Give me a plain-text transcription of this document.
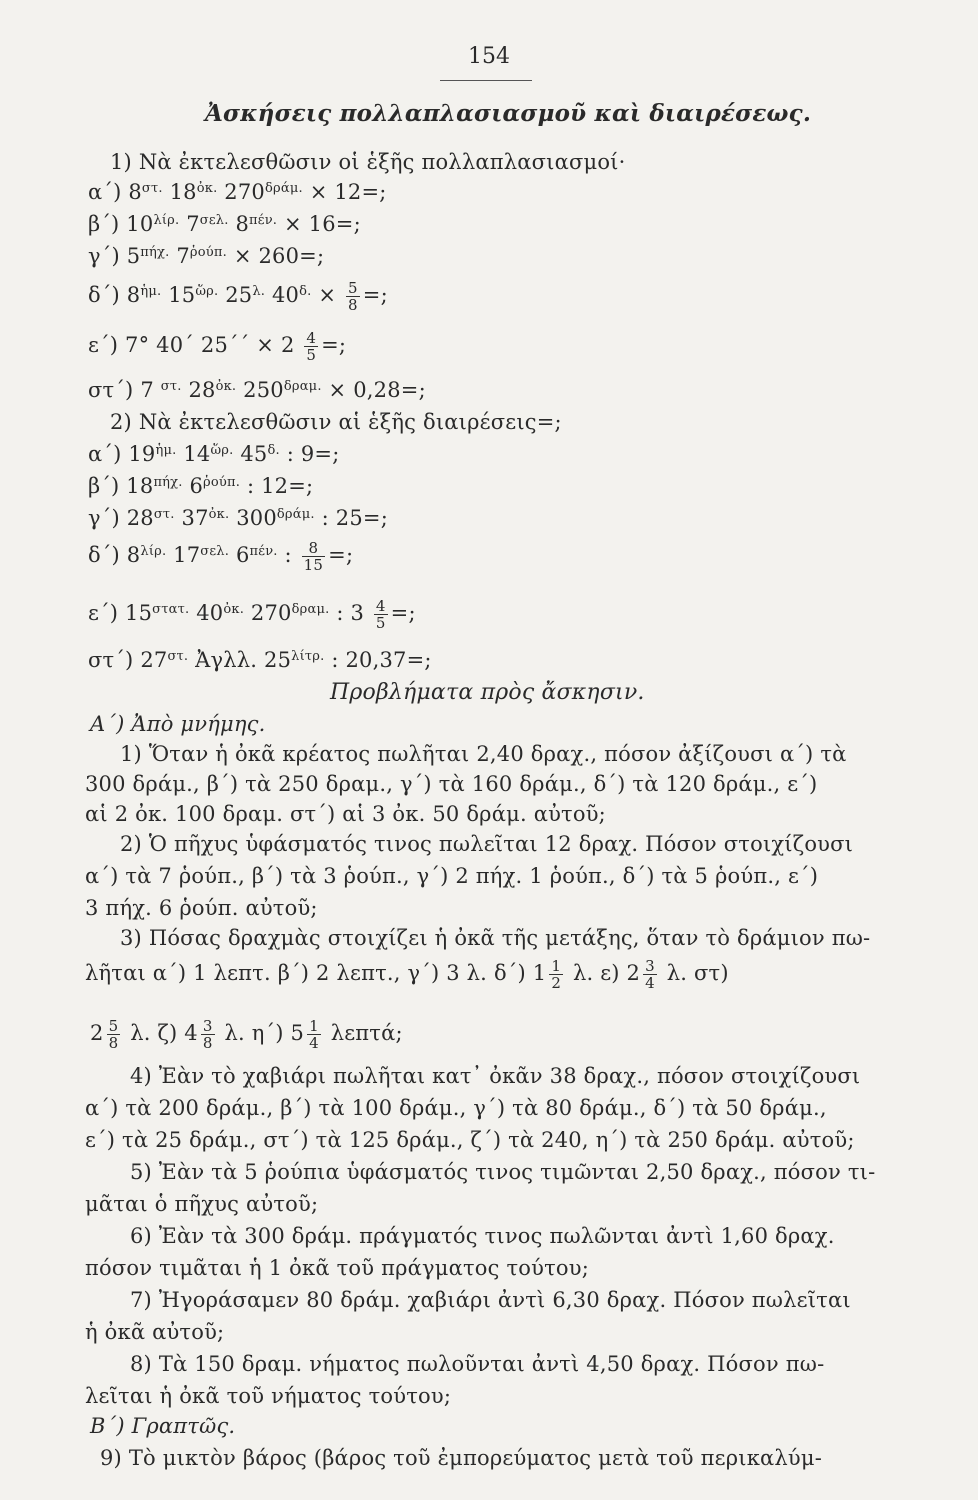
154
Ἀσκήσεις πολλαπλασιασμοῦ καὶ διαιρέσεως.
1) Νὰ ἐκτελεσθῶσιν οἱ ἑξῆς πολλαπλασιασμοί·
α΄) $8^{\sigma\tau.}$ $18^{ὀ\kappa.}$ $270^{\delta\rho ά\mu.} \times 12=$;
β΄) $10^{\lambda ί\rho.}$ $7^{\sigma\varepsilon\lambda.}$ $8^{\pi έ\nu.} \times 16=$;
γ΄) $5^{\pi ή\chi.}$ $7^{ῥoύ\pi.} \times 260=$;
δ΄) $8^{ἡ\mu.}$ $15^{ὥ\rho.}$ $25^{\lambda.}$ $40^{\delta.} \times \frac{5}{8}$ =;
ε΄) 7° 40΄ $25΄΄ \times 2 \frac{4}{5}$ =;
στ΄) 7 $^{\sigma\tau.}$ $28^{ὀ\kappa.}$ $250^{\delta\rho\alpha\mu.} \times 0,28=$;
2) Νὰ ἐκτελεσθῶσιν αἱ ἑξῆς διαιρέσεις=;
α΄) $19^{ἡ\mu.}$ $14^{ὥ\rho.}$ $45^{\delta.}$ : 9=;
β΄) $18^{\pi ή\chi.}$ $6^{ῥoύ\pi.}$ : 12=;
γ΄) $28^{\sigma\tau.}$ $37^{ὀ\kappa.}$ $300^{\delta\rho ά\mu.}$ : 25=;
δ΄) $8^{\lambda ί\rho.}$ $17^{\sigma\varepsilon\lambda.}$ $6^{\pi έ\nu.}$ : $\frac{8}{15}$ =;
ε΄) $15^{\sigma\tau\alpha\tau.}$ $40^{ὀ\kappa.}$ $270^{\delta\rho\alpha\mu.}$ : $3 \frac{4}{5}$ =;
στ΄) $27^{\sigma\tau.}$ Ἀγλλ. $25^{\lambda ί\tau\rho.}$ : 20,37=;
Προβλήματα πρὸς ἄσκησιν.
Α΄) Ἀπὸ μνήμης.
1) Ὅταν ἡ ὀκᾶ κρέατος πωλῆται 2,40 δραχ., πόσον ἀξίζουσι α΄) τὰ
300 δράμ., β΄) τὰ 250 δραμ., γ΄) τὰ 160 δράμ., δ΄) τὰ 120 δράμ., ε΄)
αἱ 2 ὀκ. 100 δραμ. στ΄) αἱ 3 ὀκ. 50 δράμ. αὐτοῦ;
2) Ὁ πῆχυς ὑφάσματός τινος πωλεῖται 12 δραχ. Πόσον στοιχίζουσι
α΄) τὰ 7 ῥούπ., β΄) τὰ 3 ῥούπ., γ΄) 2 πήχ. 1 ῥούπ., δ΄) τὰ 5 ῥούπ., ε΄)
3 πήχ. 6 ῥούπ. αὐτοῦ;
3) Πόσας δραχμὰς στοιχίζει ἡ ὀκᾶ τῆς μετάξης, ὅταν τὸ δράμιον πω-
λῆται α΄) 1 λεπτ. β΄) 2 λεπτ., γ΄) 3 λ. δ΄) $1 \frac{1}{2} \lambda$. ε) $2 \frac{3}{4} \lambda$. στ)
$2 \frac{5}{8} \lambda$. ζ) $4 \frac{3}{8} \lambda$. η΄) $5 \frac{1}{4} \lambda\varepsilon\pi\tau ά$;
4) Ἐὰν τὸ χαβιάρι πωλῆται κατ᾽ ὀκᾶν 38 δραχ., πόσον στοιχίζουσι
α΄) τὰ 200 δράμ., β΄) τὰ 100 δράμ., γ΄) τὰ 80 δράμ., δ΄) τὰ 50 δράμ.,
ε΄) τὰ 25 δράμ., στ΄) τὰ 125 δράμ., ζ΄) τὰ 240, η΄) τὰ 250 δράμ. αὐτοῦ;
5) Ἐὰν τὰ 5 ῥούπια ὑφάσματός τινος τιμῶνται 2,50 δραχ., πόσον τι-
μᾶται ὁ πῆχυς αὐτοῦ;
6) Ἐὰν τὰ 300 δράμ. πράγματός τινος πωλῶνται ἀντὶ 1,60 δραχ.
πόσον τιμᾶται ἡ 1 ὀκᾶ τοῦ πράγματος τούτου;
7) Ἠγοράσαμεν 80 δράμ. χαβιάρι ἀντὶ 6,30 δραχ. Πόσον πωλεῖται
ἡ ὀκᾶ αὐτοῦ;
8) Τὰ 150 δραμ. νήματος πωλοῦνται ἀντὶ 4,50 δραχ. Πόσον πω-
λεῖται ἡ ὀκᾶ τοῦ νήματος τούτου;
Β΄) Γραπτῶς.
9) Τὸ μικτὸν βάρος (βάρος τοῦ ἐμπορεύματος μετὰ τοῦ περικαλύμ-
